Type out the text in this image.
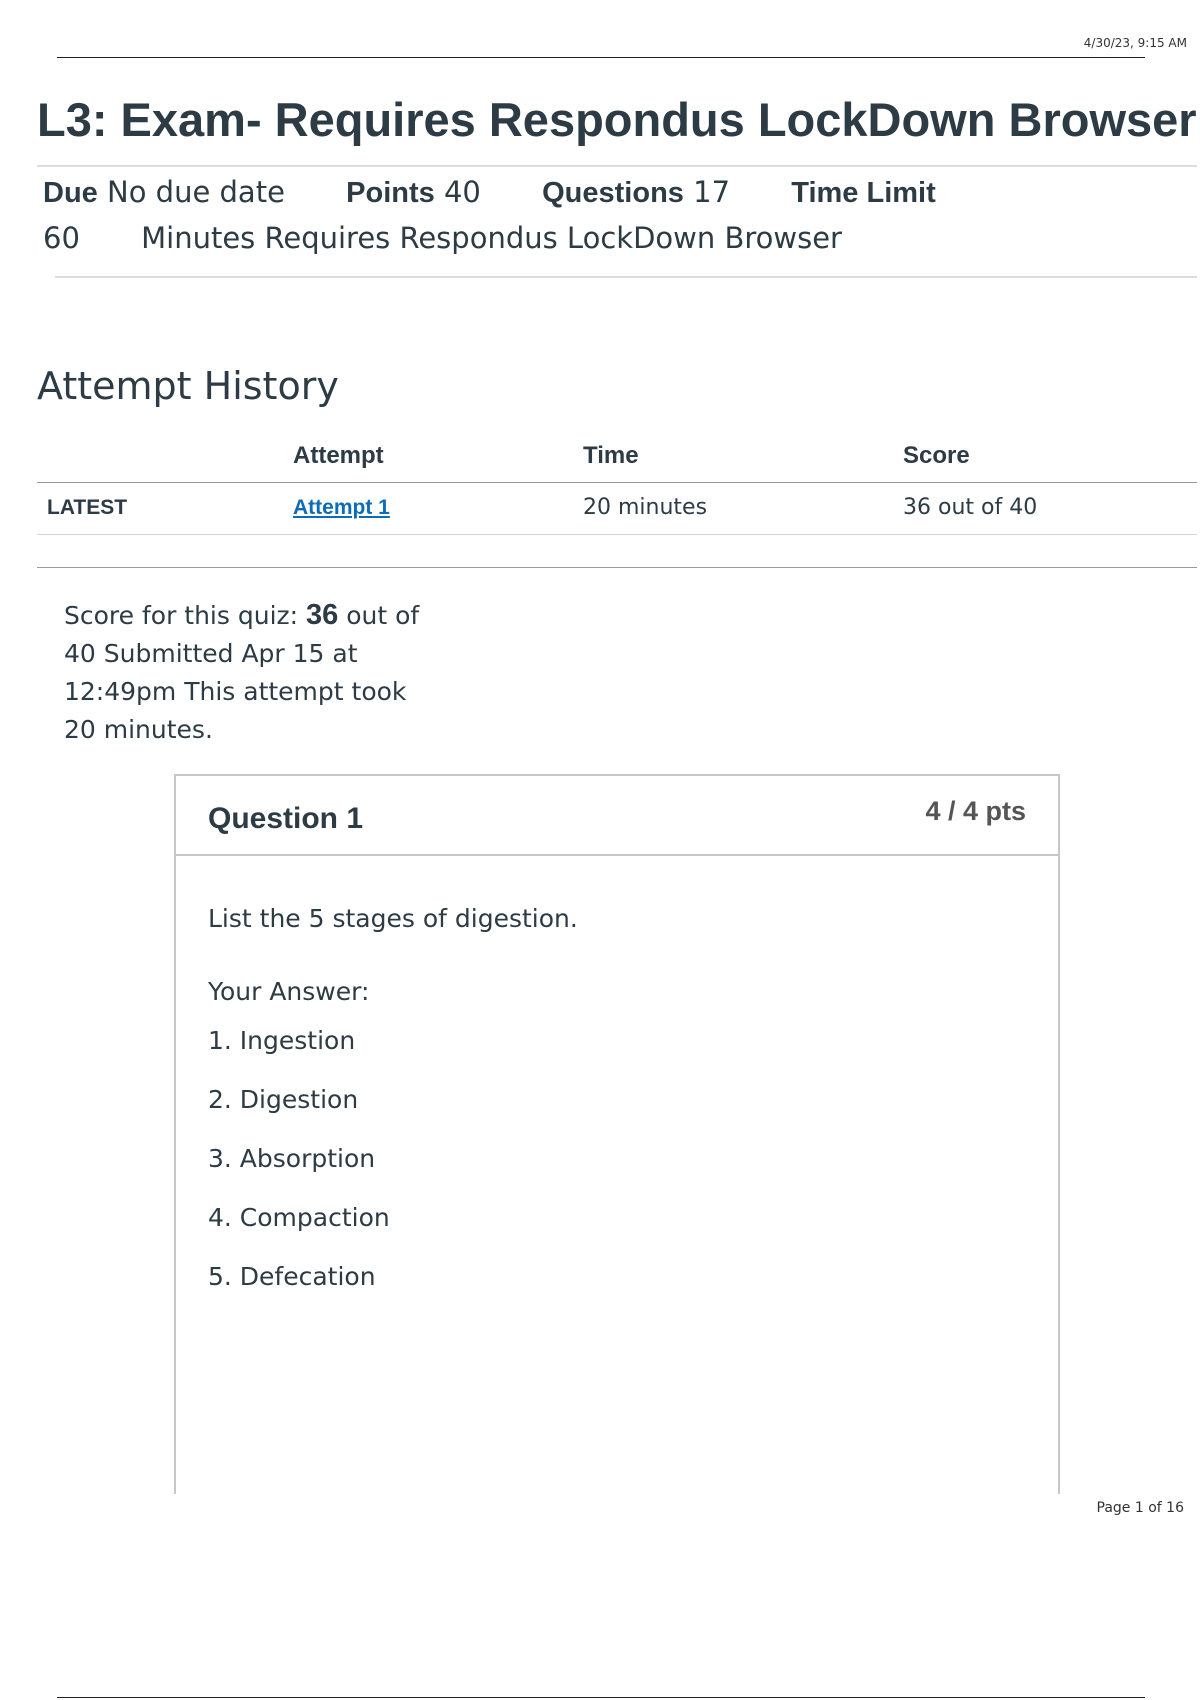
4/30/23, 9:15 AM
L3: Exam- Requires Respondus LockDown Browser
Due No due date Points 40 Questions 17 Time Limit 60 Minutes Requires Respondus LockDown Browser
Attempt History
	Attempt	Time	Score
LATEST	Attempt 1	20 minutes	36 out of 40
Score for this quiz: 36 out of 40 Submitted Apr 15 at 12:49pm This attempt took 20 minutes.
Question 1	4 / 4 pts

List the 5 stages of digestion.

Your Answer:

1. Ingestion
2. Digestion
3. Absorption
4. Compaction
5. Defecation
Page 1 of 16
